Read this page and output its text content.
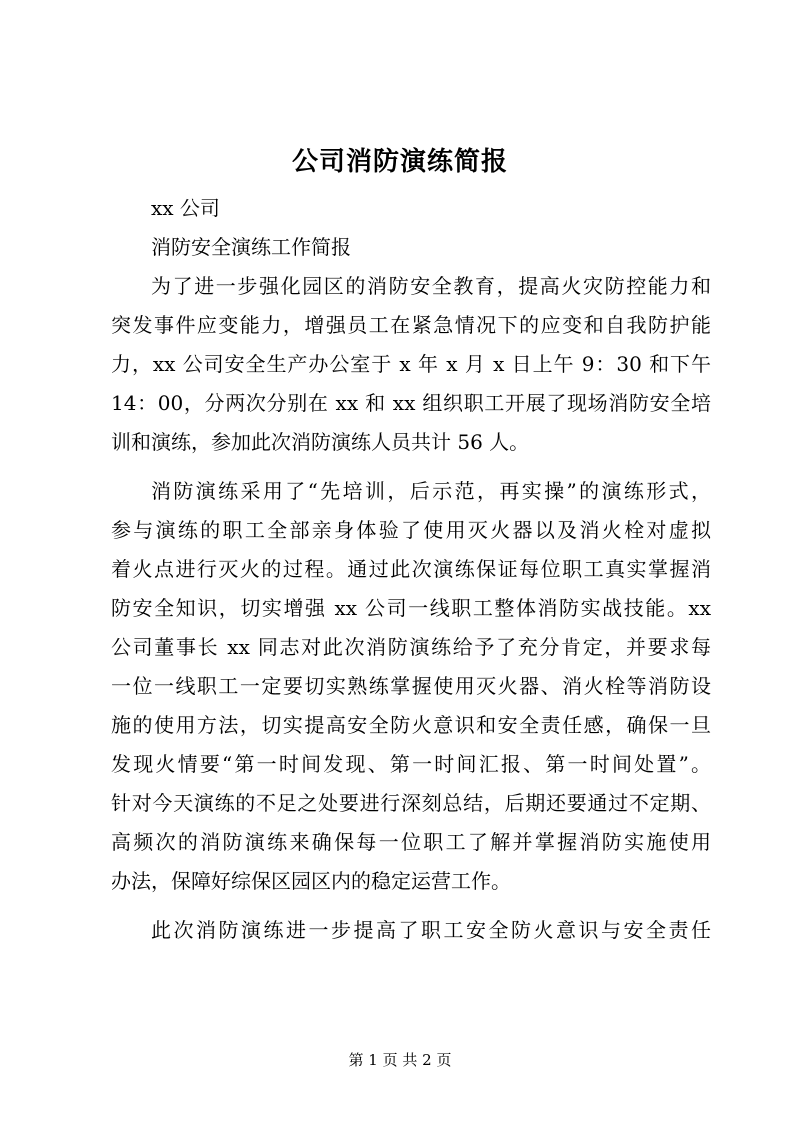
公司消防演练简报

xx 公司

消防安全演练工作简报

为了进一步强化园区的消防安全教育，提高火灾防控能力和

突发事件应变能力，增强员工在紧急情况下的应变和自我防护能

力，xx 公司安全生产办公室于 x 年 x 月 x 日上午 9：30 和下午

14：00，分两次分别在 xx 和 xx 组织职工开展了现场消防安全培

训和演练，参加此次消防演练人员共计 56 人。

消防演练采用了“先培训，后示范，再实操”的演练形式，

参与演练的职工全部亲身体验了使用灭火器以及消火栓对虚拟

着火点进行灭火的过程。通过此次演练保证每位职工真实掌握消

防安全知识，切实增强 xx 公司一线职工整体消防实战技能。xx

公司董事长 xx 同志对此次消防演练给予了充分肯定，并要求每

一位一线职工一定要切实熟练掌握使用灭火器、消火栓等消防设

施的使用方法，切实提高安全防火意识和安全责任感，确保一旦

发现火情要“第一时间发现、第一时间汇报、第一时间处置”。

针对今天演练的不足之处要进行深刻总结，后期还要通过不定期、

高频次的消防演练来确保每一位职工了解并掌握消防实施使用

办法，保障好综保区园区内的稳定运营工作。

此次消防演练进一步提高了职工安全防火意识与安全责任

第 1 页 共 2 页
